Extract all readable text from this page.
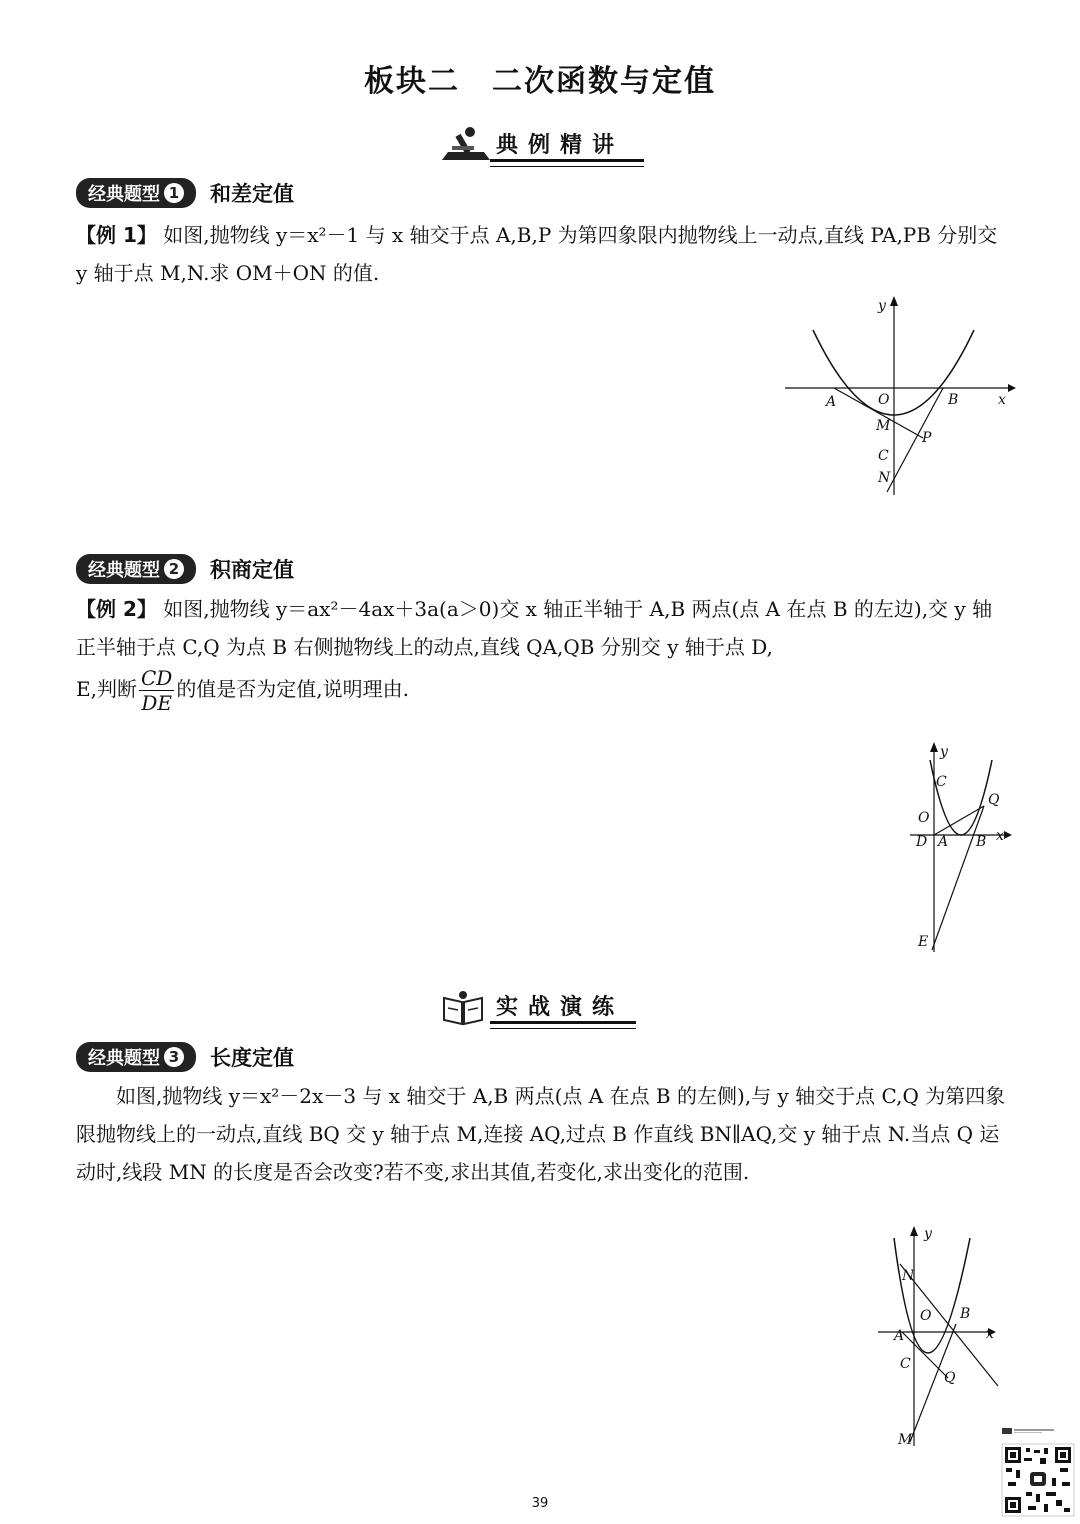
板块二　二次函数与定值
典例精讲
经典题型 1 和差定值
【例 1】 如图,抛物线 y＝x²－1 与 x 轴交于点 A,B,P 为第四象限内抛物线上一动点,直线 PA,PB 分别交 y 轴于点 M,N.求 OM＋ON 的值.
y
x
A	O	B
M
P
C
N
经典题型 2 积商定值
【例 2】 如图,抛物线 y＝ax²－4ax＋3a(a＞0)交 x 轴正半轴于 A,B 两点(点 A 在点 B 的左边),交 y 轴正半轴于点 C,Q 为点 B 右侧抛物线上的动点,直线 QA,QB 分别交 y 轴于点 D,
E,判断 $\frac{CD}{DE}$ 的值是否为定值,说明理由.
y
C
Q
O
x
D A B
E
实战演练
经典题型 3 长度定值
如图,抛物线 y＝x²－2x－3 与 x 轴交于 A,B 两点(点 A 在点 B 的左侧),与 y 轴交于点 C,Q 为第四象限抛物线上的一动点,直线 BQ 交 y 轴于点 M,连接 AQ,过点 B 作直线 BN∥AQ,交 y 轴于点 N.当点 Q 运动时,线段 MN 的长度是否会改变?若不变,求出其值,若变化,求出变化的范围.
y
N
O B
x
A
C
Q
M
39
